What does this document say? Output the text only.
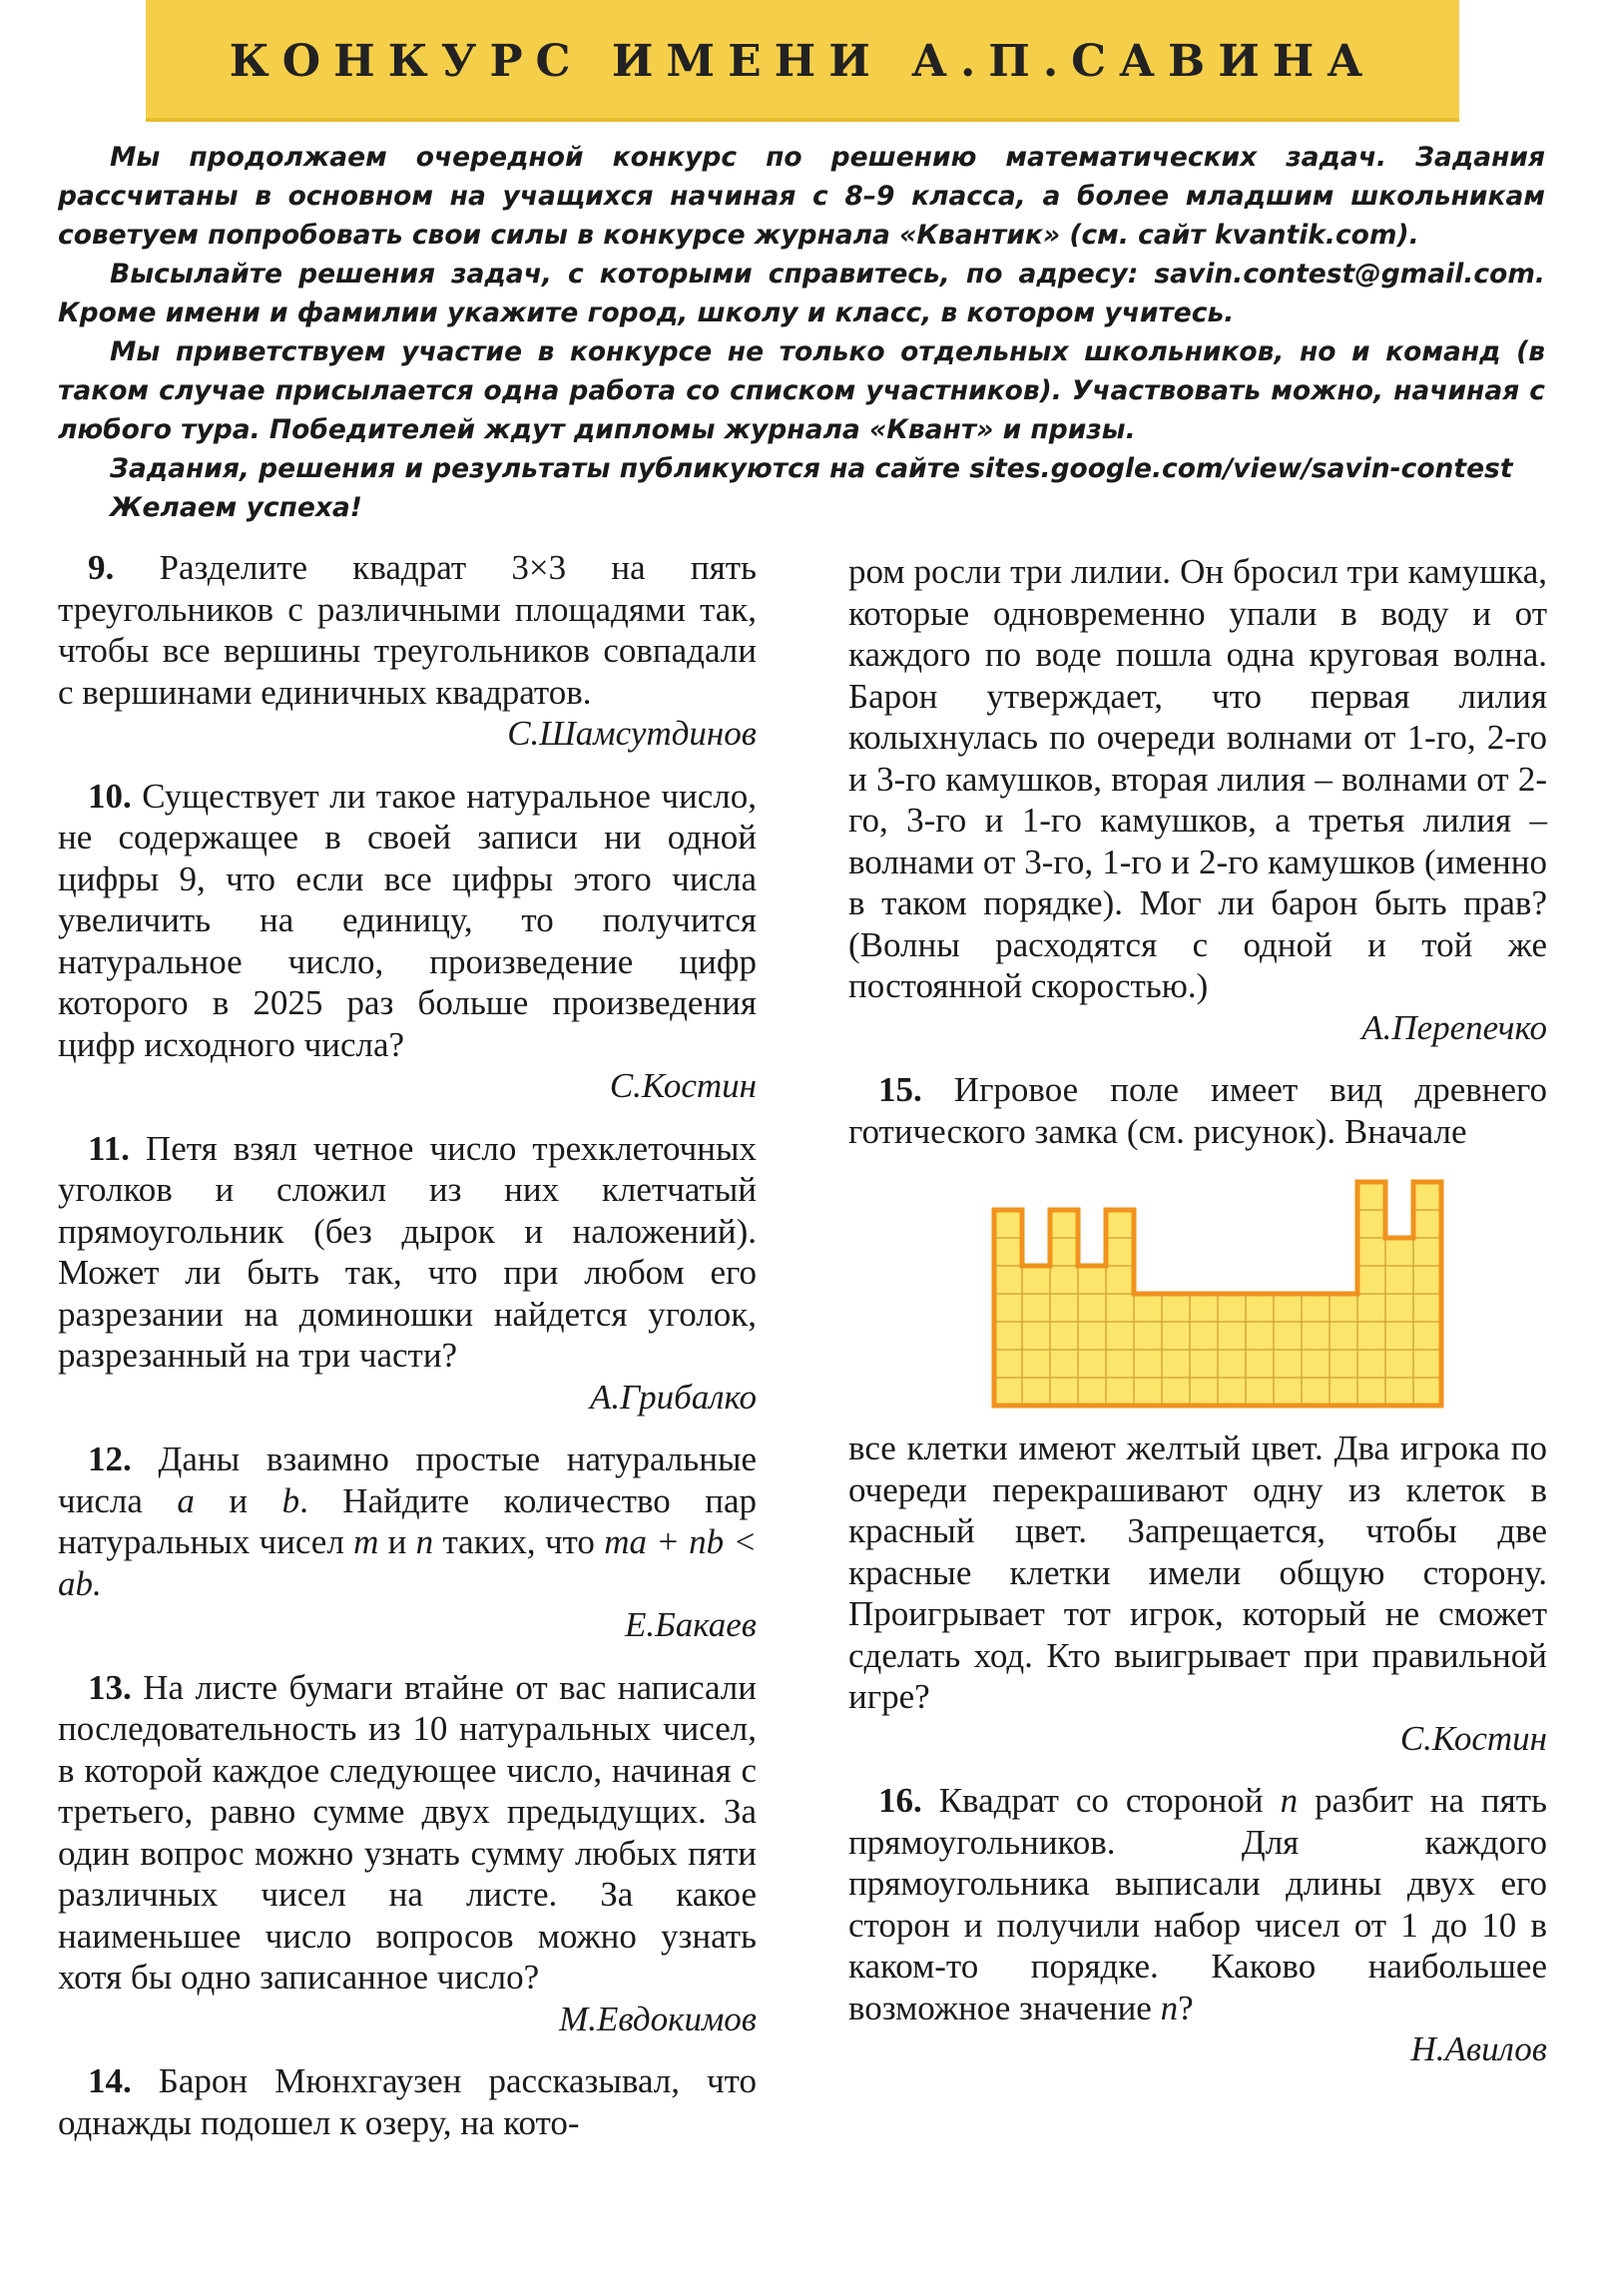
КОНКУРС ИМЕНИ А.П.САВИНА

Мы продолжаем очередной конкурс по решению математических задач. Задания рассчитаны в основном на учащихся начиная с 8–9 класса, а более младшим школьникам советуем попробовать свои силы в конкурсе журнала «Квантик» (см. сайт kvantik.com).

Высылайте решения задач, с которыми справитесь, по адресу: savin.contest@gmail.com. Кроме имени и фамилии укажите город, школу и класс, в котором учитесь.

Мы приветствуем участие в конкурсе не только отдельных школьников, но и команд (в таком случае присылается одна работа со списком участников). Участвовать можно, начиная с любого тура. Победителей ждут дипломы журнала «Квант» и призы.

Задания, решения и результаты публикуются на сайте sites.google.com/view/savin-contest

Желаем успеха!

9. Разделите квадрат 3×3 на пять треугольников с различными площадями так, чтобы все вершины треугольников совпадали с вершинами единичных квадратов.

С.Шамсутдинов

10. Существует ли такое натуральное число, не содержащее в своей записи ни одной цифры 9, что если все цифры этого числа увеличить на единицу, то получится натуральное число, произведение цифр которого в 2025 раз больше произведения цифр исходного числа?

С.Костин

11. Петя взял четное число трехклеточных уголков и сложил из них клетчатый прямоугольник (без дырок и наложений). Может ли быть так, что при любом его разрезании на доминошки найдется уголок, разрезанный на три части?

А.Грибалко

12. Даны взаимно простые натуральные числа a и b. Найдите количество пар натуральных чисел m и n таких, что ma + nb < ab.

Е.Бакаев

13. На листе бумаги втайне от вас написали последовательность из 10 натуральных чисел, в которой каждое следующее число, начиная с третьего, равно сумме двух предыдущих. За один вопрос можно узнать сумму любых пяти различных чисел на листе. За какое наименьшее число вопросов можно узнать хотя бы одно записанное число?

М.Евдокимов

14. Барон Мюнхгаузен рассказывал, что однажды подошел к озеру, на кото-

ром росли три лилии. Он бросил три камушка, которые одновременно упали в воду и от каждого по воде пошла одна круговая волна. Барон утверждает, что первая лилия колыхнулась по очереди волнами от 1-го, 2-го и 3-го камушков, вторая лилия – волнами от 2-го, 3-го и 1-го камушков, а третья лилия – волнами от 3-го, 1-го и 2-го камушков (именно в таком порядке). Мог ли барон быть прав? (Волны расходятся с одной и той же постоянной скоростью.)

А.Перепечко

15. Игровое поле имеет вид древнего готического замка (см. рисунок). Вначале

все клетки имеют желтый цвет. Два игрока по очереди перекрашивают одну из клеток в красный цвет. Запрещается, чтобы две красные клетки имели общую сторону. Проигрывает тот игрок, который не сможет сделать ход. Кто выигрывает при правильной игре?

С.Костин

16. Квадрат со стороной n разбит на пять прямоугольников. Для каждого прямоугольника выписали длины двух его сторон и получили набор чисел от 1 до 10 в каком-то порядке. Каково наибольшее возможное значение n?

Н.Авилов
